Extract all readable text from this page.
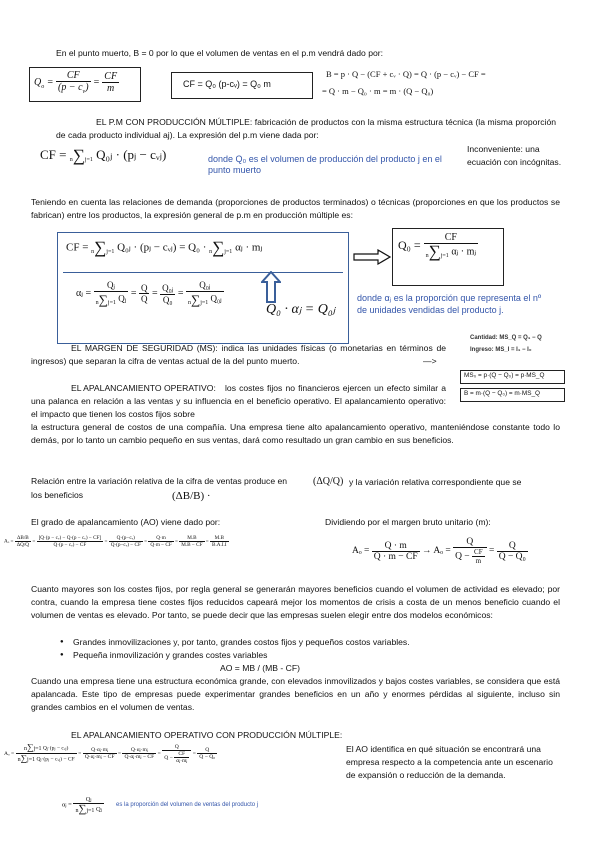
En el punto muerto, B = 0 por lo que el volumen de ventas en el p.m vendrá dado por:
$Q_o = \frac{CF}{(p - c_v)} = \frac{CF}{m}$	CF = Q₀ (p-cᵥ) = Q₀ m
B = p · Q − (CF + cᵥ · Q) = Q · (p − cᵥ) − CF =
= Q · m − Q₀ · m = m · (Q − Q₀)
EL P.M CON PRODUCCIÓN MÚLTIPLE: fabricación de productos con la misma estructura técnica (la misma proporción de cada producto individual aj). La expresión del p.m viene dada por:
CF = n∑j=1 Q₀ⱼ · (pⱼ − cᵥⱼ)	donde Q₀ es el volumen de producción del producto j en el punto muerto
Inconveniente: una ecuación con incógnitas.
Teniendo en cuenta las relaciones de demanda (proporciones de productos terminados) o técnicas (proporciones en que los productos se fabrican) entre los productos, la expresión general de p.m en producción múltiple es:
CF = n∑j=1 Q₀ⱼ · (pⱼ − cᵥⱼ) = Q₀ · n∑j=1 αⱼ · mⱼ
αⱼ = $\frac{\text{Qⱼ}}{\text{n∑j=1 Qⱼ}} = \frac{Q}{Q} = \frac{\text{Q₀ⱼ}}{\text{Q₀}} = \frac{\text{Q₀ⱼ}}{\text{n∑j=1 Q₀ⱼ}}$
$Q_0 = \frac{CF}{\text{n∑j=1 αⱼ · mⱼ}}$
Q₀ · αⱼ = Q₀ⱼ
donde αⱼ es la proporción que representa el nº de unidades vendidas del producto j.
EL MARGEN DE SEGURIDAD (MS): indica las unidades físicas (o monetarias en términos de ingresos) que separan la cifra de ventas actual de la del punto muerto.	—>
Cantidad: MS_Q = Q₁ − Q
Ingreso: MS_I = I₁ − I₀
MS₀ = p·(Q − Q₀) = p·MS_Q
B = m·(Q − Q₀) = m·MS_Q
EL APALANCAMIENTO OPERATIVO:	los costes fijos no financieros ejercen un efecto similar a una palanca en relación a las ventas y su influencia en el beneficio operativo. El apalancamiento operativo: el impacto que tienen los costos fijos sobre
la estructura general de costos de una compañía. Una empresa tiene alto apalancamiento operativo, manteniéndose constante todo lo demás, por lo tanto un cambio pequeño en sus ventas, dará como resultado un gran cambio en sus beneficios.
Relación entre la variación relativa de la cifra de ventas produce en los beneficios
(ΔQ/Q) y la variación relativa correspondiente que se
(ΔB/B) ·
El grado de apalancamiento (AO) viene dado por:	Dividiendo por el margen bruto unitario (m):
$A_o = \frac{\Delta B/B}{\Delta Q/Q} = \frac{\text{[Q·(p − cᵥ) − Q·(p − cᵥ) − CF]}}{\text{Q·(p − cᵥ) − CF}} = \frac{\text{Q·(p−cᵥ)}}{\text{Q·(p−cᵥ) − CF}} = \frac{Q\cdot m}{Q\cdot m - CF} = \frac{M.B}{M.B - CF} = \frac{M.B}{B.A.I.I}$
$A_o = \frac{Q \cdot m}{Q \cdot m - CF} \to A_o = \frac{Q}{Q - \frac{CF}{m}} = \frac{Q}{\text{Q − Q₀}}$
Cuanto mayores son los costes fijos, por regla general se generarán mayores beneficios cuando el volumen de actividad es elevado; por contra, cuando la empresa tiene costes fijos reducidos capeará mejor los momentos de crisis a costa de un menos beneficio cuando el volumen de ventas es elevado. Por tanto, se puede decir que las empresas suelen elegir entre dos modelos económicos:
● Grandes inmovilizaciones y, por tanto, grandes costos fijos y pequeños costos variables.
● Pequeña inmovilización y grandes costes variables
AO = MB / (MB - CF)
Cuando una empresa tiene una estructura económica grande, con elevados inmovilizados y bajos costes variables, se considera que está apalancada. Este tipo de empresas puede experimentar grandes beneficios en un año y enormes pérdidas al siguiente, incluso sin grandes cambios en el volumen de ventas.
EL APALANCAMIENTO OPERATIVO CON PRODUCCIÓN MÚLTIPLE:
El AO identifica en qué situación se encontrará una empresa respecto a la competencia ante un escenario de expansión o reducción de la demanda.
$A_o = \frac{\text{n∑j=1 Qⱼ·(pⱼ − cᵥⱼ)}}{\text{n∑j=1 Qⱼ·(pⱼ − cᵥⱼ) − CF}} = \frac{\text{Q·αⱼ·mⱼ}}{\text{Q·αⱼ·mⱼ − CF}} = \frac{\text{Q·αⱼ·mⱼ}}{\text{Q·αⱼ·mⱼ − CF}} = \frac{Q}{Q - \frac{CF}{\text{αⱼ·mⱼ}}} = \frac{Q}{\text{Q − Q₀}}$
αⱼ = $\frac{\text{Qⱼ}}{\text{n∑j=1 Qⱼ}}$ es la proporción del volumen de ventas del producto j
